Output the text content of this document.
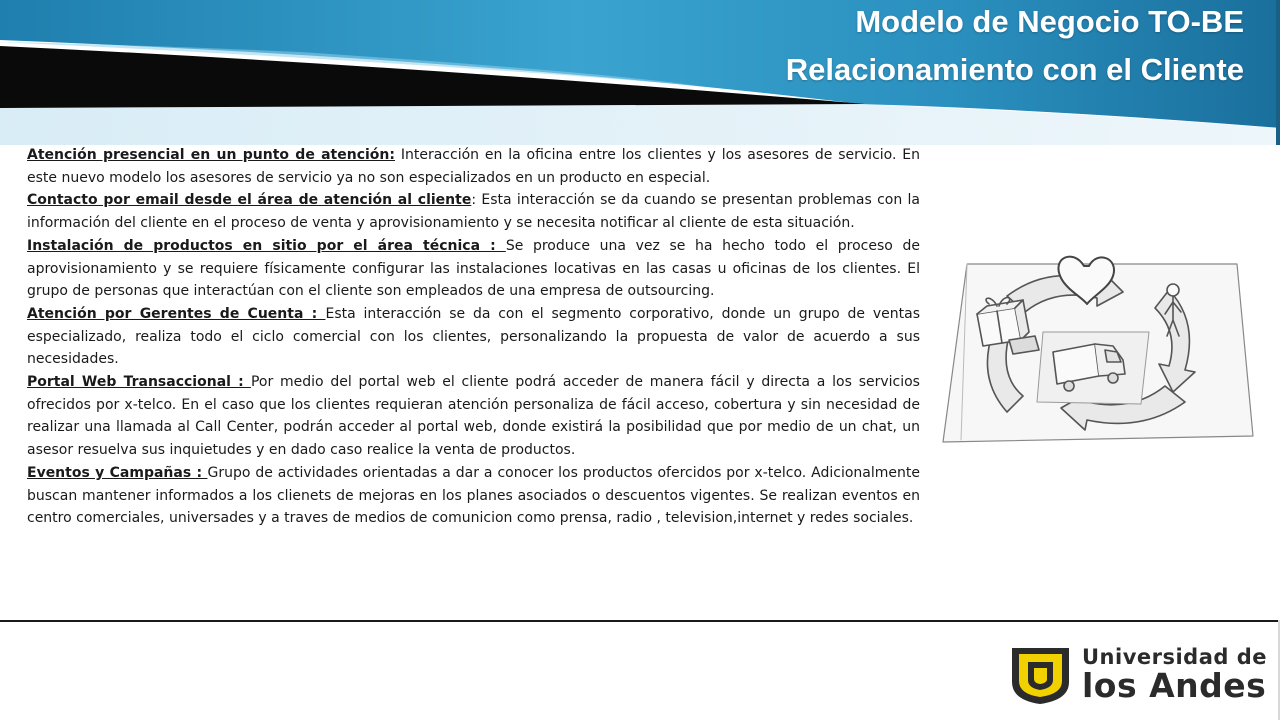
Modelo de Negocio TO-BE
Relacionamiento con el Cliente

Atención presencial en un punto de atención: Interacción en la oficina entre los clientes y los asesores de servicio. En este nuevo modelo los asesores de servicio ya no son especializados en un producto en especial.

Contacto por email desde el área de atención al cliente: Esta interacción se da cuando se presentan problemas con la información del cliente en el proceso de venta y aprovisionamiento y se necesita notificar al cliente de esta situación.

Instalación de productos en sitio por el área técnica : Se produce una vez se ha hecho todo el proceso de aprovisionamiento y se requiere físicamente configurar las instalaciones locativas en las casas u oficinas de los clientes. El grupo de personas que interactúan con el cliente son empleados de una empresa de outsourcing.

Atención por Gerentes de Cuenta : Esta interacción se da con el segmento corporativo, donde un grupo de ventas especializado, realiza todo el ciclo comercial con los clientes, personalizando la propuesta de valor de acuerdo a sus necesidades.

Portal Web Transaccional : Por medio del portal web el cliente podrá acceder de manera fácil y directa a los servicios ofrecidos por x-telco. En el caso que los clientes requieran atención personaliza de fácil acceso, cobertura y sin necesidad de realizar una llamada al Call Center, podrán acceder al portal web, donde existirá la posibilidad que por medio de un chat, un asesor resuelva sus inquietudes y en dado caso realice la venta de productos.

Eventos y Campañas : Grupo de actividades orientadas a dar a conocer los productos ofercidos por x-telco. Adicionalmente buscan mantener informados a los clienets de mejoras en los planes asociados o descuentos vigentes. Se realizan eventos en centro comerciales, universades y a traves de medios de comunicion como prensa, radio , television,internet y redes sociales.

Universidad de
los Andes
